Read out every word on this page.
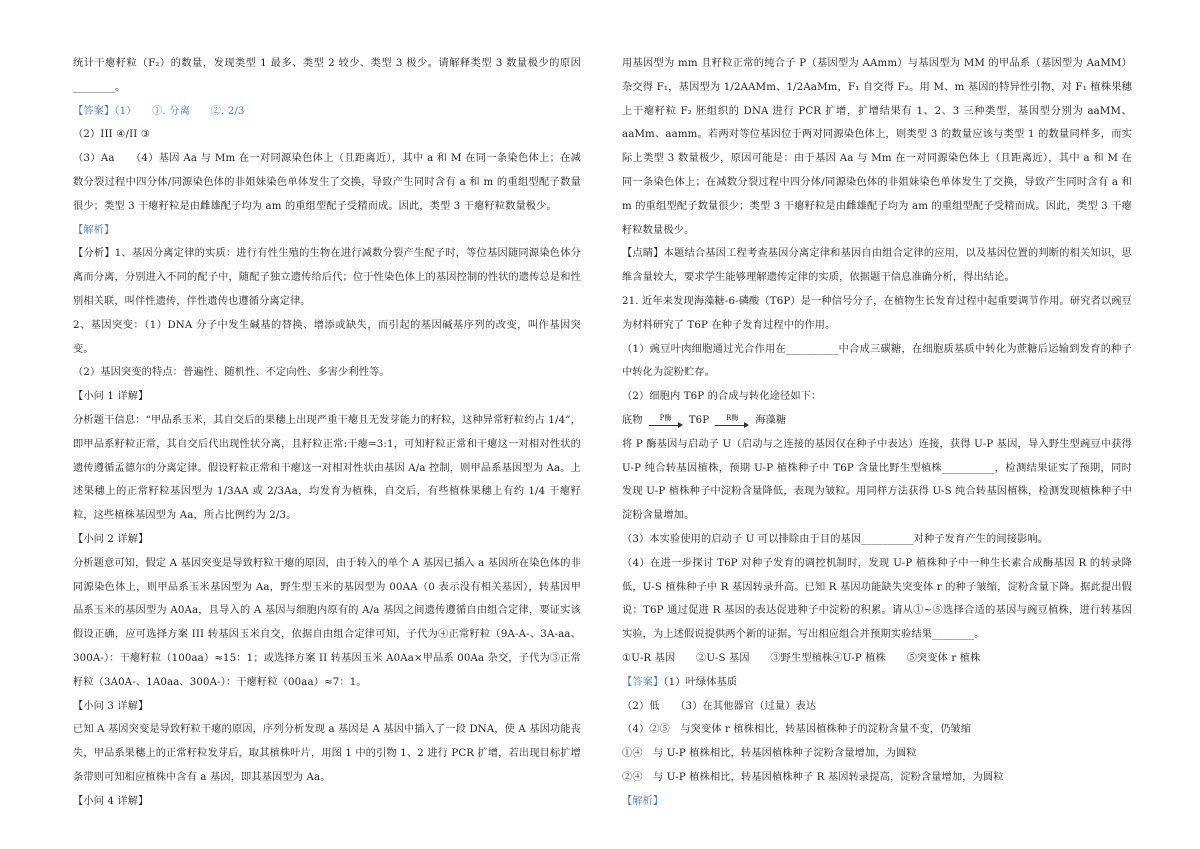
统计干瘪籽粒（F₂）的数量，发现类型 1 最多、类型 2 较少、类型 3 极少。请解释类型 3 数量极少的原因________。

【答案】（1）　　①. 分离　　②. 2/3

（2）III ④/II ③

（3）Aa　　（4）基因 Aa 与 Mm 在一对同源染色体上（且距离近），其中 a 和 M 在同一条染色体上；在减数分裂过程中四分体/同源染色体的非姐妹染色单体发生了交换，导致产生同时含有 a 和 m 的重组型配子数量很少；类型 3 干瘪籽粒是由雌雄配子均为 am 的重组型配子受精而成。因此，类型 3 干瘪籽粒数量极少。

【解析】

【分析】1、基因分离定律的实质：进行有性生殖的生物在进行减数分裂产生配子时，等位基因随同源染色体分离而分离，分别进入不同的配子中，随配子独立遗传给后代；位于性染色体上的基因控制的性状的遗传总是和性别相关联，叫伴性遗传，伴性遗传也遵循分离定律。

2、基因突变：（1）DNA 分子中发生碱基的替换、增添或缺失，而引起的基因碱基序列的改变，叫作基因突变。

（2）基因突变的特点：普遍性、随机性、不定向性、多害少利性等。

【小问 1 详解】

分析题干信息：“甲品系玉米，其自交后的果穗上出现严重干瘪且无发芽能力的籽粒，这种异常籽粒约占 1/4”，即甲品系籽粒正常，其自交后代出现性状分离，且籽粒正常:干瘪=3:1，可知籽粒正常和干瘪这一对相对性状的遗传遵循孟德尔的分离定律。假设籽粒正常和干瘪这一对相对性状由基因 A/a 控制，则甲品系基因型为 Aa。上述果穗上的正常籽粒基因型为 1/3AA 或 2/3Aa，均发育为植株，自交后，有些植株果穗上有约 1/4 干瘪籽粒，这些植株基因型为 Aa，所占比例约为 2/3。

【小问 2 详解】

分析题意可知，假定 A 基因突变是导致籽粒干瘪的原因，由于转入的单个 A 基因已插入 a 基因所在染色体的非同源染色体上，则甲品系玉米基因型为 Aa，野生型玉米的基因型为 00AA（0 表示没有相关基因），转基因甲品系玉米的基因型为 A0Aa，且导入的 A 基因与细胞内原有的 A/a 基因之间遗传遵循自由组合定律，要证实该假设正确，应可选择方案 III 转基因玉米自交，依据自由组合定律可知，子代为④正常籽粒（9A-A-、3A-aa、300A-）：干瘪籽粒（100aa）≈15：1；或选择方案 II 转基因玉米 A0Aa×甲品系 00Aa 杂交，子代为③正常籽粒（3A0A-、1A0aa、300A-）：干瘪籽粒（00aa）≈7：1。

【小问 3 详解】

已知 A 基因突变是导致籽粒干瘪的原因，序列分析发现 a 基因是 A 基因中插入了一段 DNA，使 A 基因功能丧失，甲品系果穗上的正常籽粒发芽后，取其植株叶片，用图 1 中的引物 1、2 进行 PCR 扩增，若出现目标扩增条带则可知相应植株中含有 a 基因，即其基因型为 Aa。

【小问 4 详解】

用基因型为 mm 且籽粒正常的纯合子 P（基因型为 AAmm）与基因型为 MM 的甲品系（基因型为 AaMM）杂交得 F₁，基因型为 1/2AAMm、1/2AaMm，F₁ 自交得 F₂。用 M、m 基因的特异性引物，对 F₁ 植株果穗上干瘪籽粒 F₂ 胚组织的 DNA 进行 PCR 扩增，扩增结果有 1、2、3 三种类型，基因型分别为 aaMM、aaMm、aamm。若两对等位基因位于两对同源染色体上，则类型 3 的数量应该与类型 1 的数量同样多，而实际上类型 3 数量极少，原因可能是：由于基因 Aa 与 Mm 在一对同源染色体上（且距离近），其中 a 和 M 在同一条染色体上；在减数分裂过程中四分体/同源染色体的非姐妹染色单体发生了交换，导致产生同时含有 a 和 m 的重组型配子数量很少；类型 3 干瘪籽粒是由雌雄配子均为 am 的重组型配子受精而成。因此，类型 3 干瘪籽粒数量极少。

【点睛】本题结合基因工程考查基因分离定律和基因自由组合定律的应用，以及基因位置的判断的相关知识，思维含量较大，要求学生能够理解遗传定律的实质，依据题干信息准确分析，得出结论。

21. 近年来发现海藻糖-6-磷酸（T6P）是一种信号分子，在植物生长发育过程中起重要调节作用。研究者以豌豆为材料研究了 T6P 在种子发育过程中的作用。

（1）豌豆叶肉细胞通过光合作用在__________中合成三碳糖，在细胞质基质中转化为蔗糖后运输到发育的种子中转化为淀粉贮存。

（2）细胞内 T6P 的合成与转化途径如下：

底物 P酶 T6P R酶 海藻糖

将 P 酶基因与启动子 U（启动与之连接的基因仅在种子中表达）连接，获得 U-P 基因，导入野生型豌豆中获得 U-P 纯合转基因植株，预期 U-P 植株种子中 T6P 含量比野生型植株__________，检测结果证实了预期，同时发现 U-P 植株种子中淀粉含量降低，表现为皱粒。用同样方法获得 U-S 纯合转基因植株，检测发现植株种子中淀粉含量增加。

（3）本实验使用的启动子 U 可以排除由于目的基因__________对种子发育产生的间接影响。

（4）在进一步探讨 T6P 对种子发育的调控机制时，发现 U-P 植株种子中一种生长素合成酶基因 R 的转录降低，U-S 植株种子中 R 基因转录升高。已知 R 基因功能缺失突变体 r 的种子皱缩，淀粉含量下降。据此提出假说：T6P 通过促进 R 基因的表达促进种子中淀粉的积累。请从①~⑤选择合适的基因与豌豆植株，进行转基因实验，为上述假说提供两个新的证据。写出相应组合并预期实验结果________。

①U-R 基因　　②U-S 基因　　③野生型植株④U-P 植株　　⑤突变体 r 植株

【答案】（1）叶绿体基质

（2）低　　（3）在其他器官（过量）表达

（4）②⑤　与突变体 r 植株相比，转基因植株种子的淀粉含量不变，仍皱缩

①④　与 U-P 植株相比，转基因植株种子淀粉含量增加，为圆粒

②④　与 U-P 植株相比，转基因植株种子 R 基因转录提高，淀粉含量增加，为圆粒

【解析】
